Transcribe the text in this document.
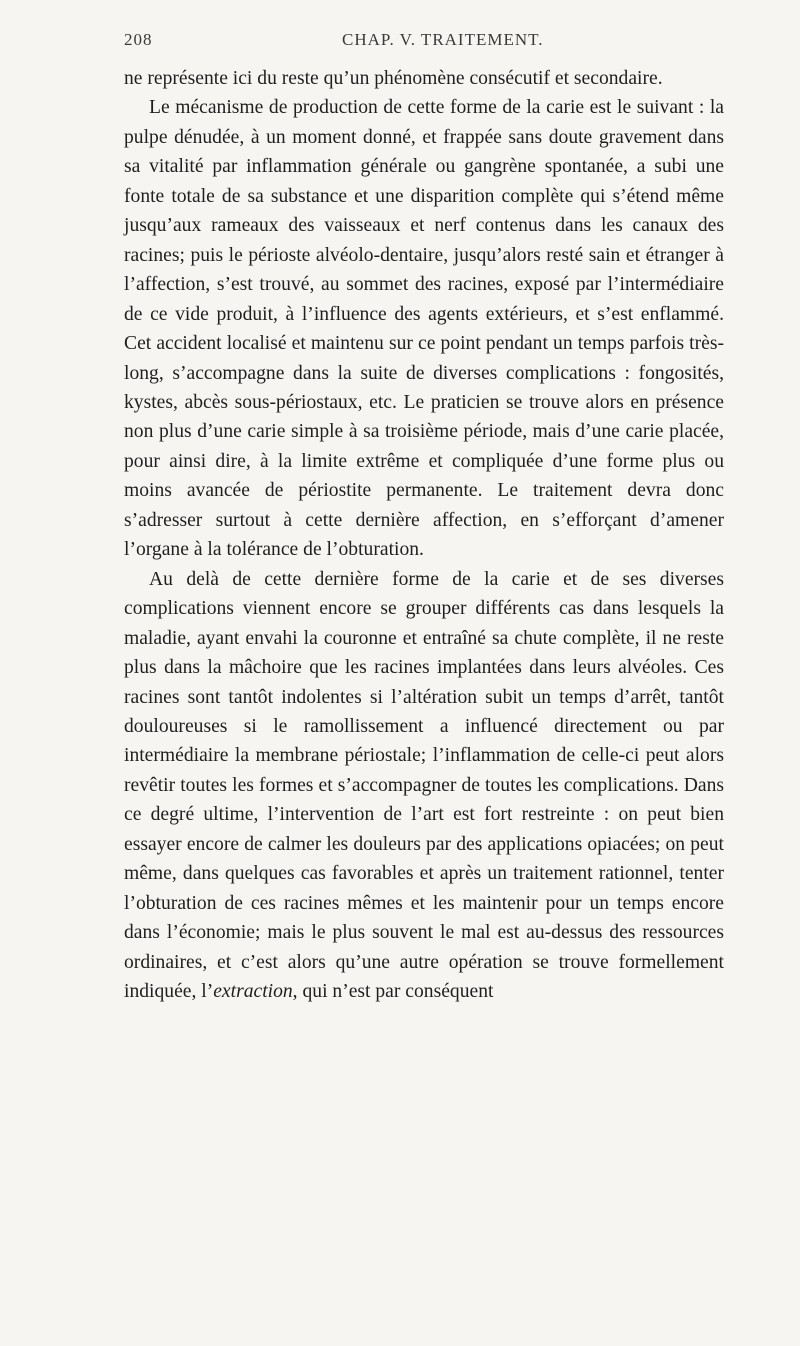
208	CHAP. V. TRAITEMENT.

ne représente ici du reste qu’un phénomène consécutif et secondaire.

Le mécanisme de production de cette forme de la carie est le suivant : la pulpe dénudée, à un moment donné, et frappée sans doute gravement dans sa vitalité par inflammation générale ou gangrène spontanée, a subi une fonte totale de sa substance et une disparition complète qui s’étend même jusqu’aux rameaux des vaisseaux et nerf contenus dans les canaux des racines; puis le périoste alvéolo-dentaire, jusqu’alors resté sain et étranger à l’affection, s’est trouvé, au sommet des racines, exposé par l’intermédiaire de ce vide produit, à l’influence des agents extérieurs, et s’est enflammé. Cet accident localisé et maintenu sur ce point pendant un temps parfois très-long, s’accompagne dans la suite de diverses complications : fongosités, kystes, abcès sous-périostaux, etc. Le praticien se trouve alors en présence non plus d’une carie simple à sa troisième période, mais d’une carie placée, pour ainsi dire, à la limite extrême et compliquée d’une forme plus ou moins avancée de périostite permanente. Le traitement devra donc s’adresser surtout à cette dernière affection, en s’efforçant d’amener l’organe à la tolérance de l’obturation.

Au delà de cette dernière forme de la carie et de ses diverses complications viennent encore se grouper différents cas dans lesquels la maladie, ayant envahi la couronne et entraîné sa chute complète, il ne reste plus dans la mâchoire que les racines implantées dans leurs alvéoles. Ces racines sont tantôt indolentes si l’altération subit un temps d’arrêt, tantôt douloureuses si le ramollissement a influencé directement ou par intermédiaire la membrane périostale; l’inflammation de celle-ci peut alors revêtir toutes les formes et s’accompagner de toutes les complications. Dans ce degré ultime, l’intervention de l’art est fort restreinte : on peut bien essayer encore de calmer les douleurs par des applications opiacées; on peut même, dans quelques cas favorables et après un traitement rationnel, tenter l’obturation de ces racines mêmes et les maintenir pour un temps encore dans l’économie; mais le plus souvent le mal est au-dessus des ressources ordinaires, et c’est alors qu’une autre opération se trouve formellement indiquée, l’extraction, qui n’est par conséquent
